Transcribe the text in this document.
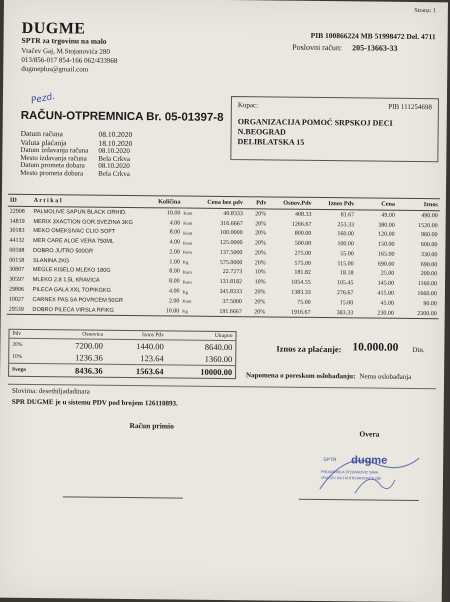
Strana: 1
DUGME
SPTR za trgovinu na malo
Vračev Gaj, M.Stojanovića 280
013/856-017 854-166 062/433968
dugmeplus@gmail.com
PIB 100866224 MB 51998472 Del. 4711
Poslovni račun: 205-13663-33
Pezd.
RAČUN-OTPREMNICA Br. 05-01397-8
Datum računa	08.10.2020
Valuta plaćanja	18.10.2020
Datum izdavanja računa	08.10.2020
Mesto izdavanja računa	Bela Crkva
Datum prometa dobara	08.10.2020
Mesto prometa dobara	Bela Crkva
Kupac:	PIB 111254698
ORGANIZACIJA POMOĆ SRPSKOJ DECI
N.BEOGRAD
DELIBLATSKA 15
ID	A r t i k a l	Količina		Cena bez pdv	Pdv	Osnov.Pdv	Iznos Pdv	Cena	Iznos
22908	PALMOLIVE SAPUN BLACK ORHID.	10.00	Kom	40.8333	20%	408.33	81.67	49.00	490.00
14819	MERIX 3XACTION GOR.SVEZINA 3KG	4.00	Kom	316.6667	20%	1266.67	253.33	380.00	1520.00
30183	MEKO OMEKSIVAC CLIO SOFT	8.00	Kom	100.0000	20%	800.00	160.00	120.00	960.00
44132	MER CARE ALOE VERA 750ML	4.00	Kom	125.0000	20%	500.00	100.00	150.00	600.00
00598	DOBRO JUTRO 500GR	2.00	Kom	137.5000	20%	275.00	55.00	165.00	330.00
00158	SLANINA 2KG	1.00	Kg	575.0000	20%	575.00	115.00	690.00	690.00
30807	MEGLE KISELO MLEKO 180G	8.00	Kom	22.7273	10%	181.82	18.18	25.00	200.00
30597	MLEKO 2.8 1.5L KRAVICA	8.00	Kom	131.8182	10%	1054.55	105.45	145.00	1160.00
29806	PILECA GALA XXL TOPIKGKG	4.00	Kg	345.8333	20%	1383.33	276.67	415.00	1660.00
10027	CARNEX PAS.SA POVRCEM 50GR	2.00	Kom	37.5000	20%	75.00	15.00	45.00	90.00
29539	DOBRO PILECA VIRSLA RFIKG	10.00	Kg	191.6667	20%	1916.67	383.33	230.00	2300.00
Pdv	Osnovica	Iznos Pdv	Ukupno
20%	7200.00	1440.00	8640.00
10%	1236.36	123.64	1360.00
Svega	8436.36	1563.64	10000.00
Iznos za plaćanje: 10.000.00 Din.
Napomena o poreskom oslobađanju: Nema oslobađanja
Slovima: desethiljadadinara
SPR DUGME je u sistemu PDV pod brojem 126110893.
Račun primio
Overa
SPTR dugme
PRODAVNICA STOJANOVIC SAVA
VRAČEV GAJ M.STOJANOVIĆA 280
